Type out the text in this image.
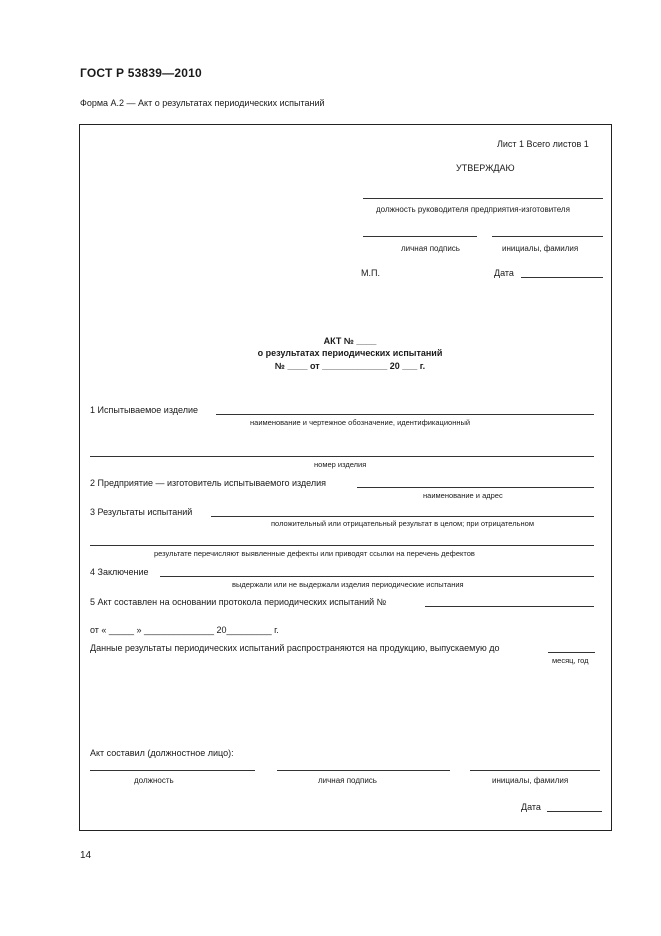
ГОСТ Р 53839—2010
Форма А.2 — Акт о результатах периодических испытаний
Лист 1 Всего листов 1
УТВЕРЖДАЮ
должность руководителя предприятия-изготовителя
личная подпись	инициалы, фамилия
М.П.	Дата
АКТ № ____
о результатах периодических испытаний
№ ____ от _____________ 20 ___ г.
1 Испытываемое изделие
наименование и чертежное обозначение, идентификационный
номер изделия
2 Предприятие — изготовитель испытываемого изделия
наименование и адрес
3 Результаты испытаний
положительный или отрицательный результат в целом; при отрицательном
результате перечисляют выявленные дефекты или приводят ссылки на перечень дефектов
4 Заключение
выдержали или не выдержали изделия периодические испытания
5 Акт составлен на основании протокола периодических испытаний №
от « _____ » ______________ 20_________ г.
Данные результаты периодических испытаний распространяются на продукцию, выпускаемую до
месяц, год
Акт составил (должностное лицо):
должность	личная подпись	инициалы, фамилия
Дата
14
